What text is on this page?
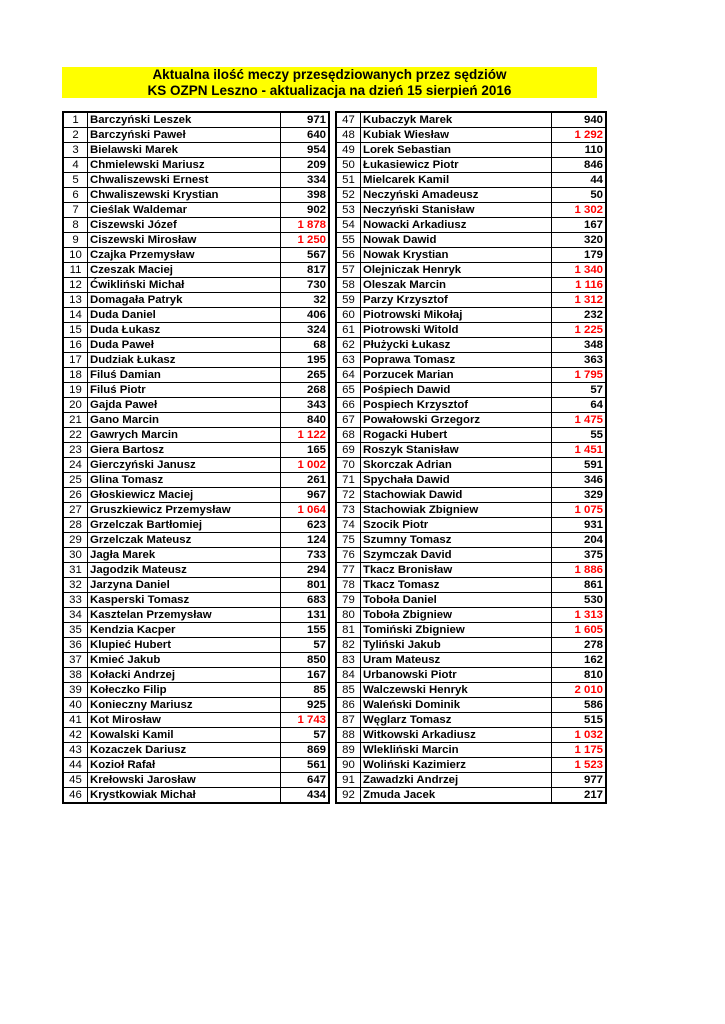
Aktualna ilość meczy przesędziowanych przez sędziów
KS OZPN Leszno - aktualizacja na dzień 15 sierpień 2016
1	Barczyński Leszek	971
2	Barczyński Paweł	640
3	Bielawski Marek	954
4	Chmielewski Mariusz	209
5	Chwaliszewski Ernest	334
6	Chwaliszewski Krystian	398
7	Cieślak Waldemar	902
8	Ciszewski Józef	1 878
9	Ciszewski Mirosław	1 250
10	Czajka Przemysław	567
11	Czeszak Maciej	817
12	Ćwikliński Michał	730
13	Domagała Patryk	32
14	Duda Daniel	406
15	Duda Łukasz	324
16	Duda Paweł	68
17	Dudziak Łukasz	195
18	Filuś Damian	265
19	Filuś Piotr	268
20	Gajda Paweł	343
21	Gano Marcin	840
22	Gawrych Marcin	1 122
23	Giera Bartosz	165
24	Gierczyński Janusz	1 002
25	Glina Tomasz	261
26	Głoskiewicz Maciej	967
27	Gruszkiewicz Przemysław	1 064
28	Grzelczak Bartłomiej	623
29	Grzelczak Mateusz	124
30	Jagła Marek	733
31	Jagodzik Mateusz	294
32	Jarzyna Daniel	801
33	Kasperski Tomasz	683
34	Kasztelan Przemysław	131
35	Kendzia Kacper	155
36	Klupieć Hubert	57
37	Kmieć Jakub	850
38	Kołacki Andrzej	167
39	Kołeczko Filip	85
40	Konieczny Mariusz	925
41	Kot Mirosław	1 743
42	Kowalski Kamil	57
43	Kozaczek Dariusz	869
44	Kozioł Rafał	561
45	Krełowski Jarosław	647
46	Krystkowiak Michał	434
47	Kubaczyk Marek	940
48	Kubiak Wiesław	1 292
49	Lorek Sebastian	110
50	Łukasiewicz Piotr	846
51	Mielcarek Kamil	44
52	Neczyński Amadeusz	50
53	Neczyński Stanisław	1 302
54	Nowacki Arkadiusz	167
55	Nowak Dawid	320
56	Nowak Krystian	179
57	Olejniczak Henryk	1 340
58	Oleszak Marcin	1 116
59	Parzy Krzysztof	1 312
60	Piotrowski Mikołaj	232
61	Piotrowski Witold	1 225
62	Płużycki Łukasz	348
63	Poprawa Tomasz	363
64	Porzucek Marian	1 795
65	Pośpiech Dawid	57
66	Pospiech Krzysztof	64
67	Powałowski Grzegorz	1 475
68	Rogacki Hubert	55
69	Roszyk Stanisław	1 451
70	Skorczak Adrian	591
71	Spychała Dawid	346
72	Stachowiak Dawid	329
73	Stachowiak Zbigniew	1 075
74	Szocik Piotr	931
75	Szumny Tomasz	204
76	Szymczak David	375
77	Tkacz Bronisław	1 886
78	Tkacz Tomasz	861
79	Toboła Daniel	530
80	Toboła Zbigniew	1 313
81	Tomiński Zbigniew	1 605
82	Tyliński Jakub	278
83	Uram Mateusz	162
84	Urbanowski Piotr	810
85	Walczewski Henryk	2 010
86	Waleński Dominik	586
87	Węglarz Tomasz	515
88	Witkowski Arkadiusz	1 032
89	Wlekliński Marcin	1 175
90	Woliński Kazimierz	1 523
91	Zawadzki Andrzej	977
92	Zmuda Jacek	217
